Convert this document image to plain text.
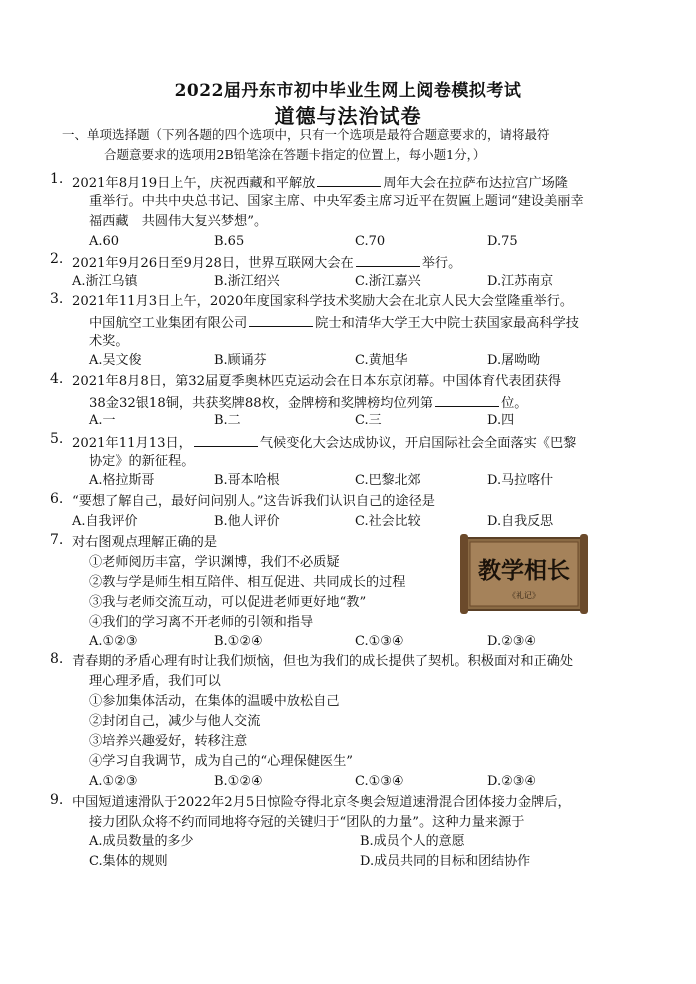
2022届丹东市初中毕业生网上阅卷模拟考试
道德与法治试卷
一、单项选择题（下列各题的四个选项中，只有一个选项是最符合题意要求的，请将最符
合题意要求的选项用2B铅笔涂在答题卡指定的位置上，每小题1分，）
1. 2021年8月19日上午，庆祝西藏和平解放	周年大会在拉萨布达拉宫广场隆
重举行。中共中央总书记、国家主席、中央军委主席习近平在贺匾上题词“建设美丽幸
福西藏　共圆伟大复兴梦想”。
A.60	B.65	C.70	D.75
2. 2021年9月26日至9月28日，世界互联网大会在	举行。
A.浙江乌镇	B.浙江绍兴	C.浙江嘉兴	D.江苏南京
3. 2021年11月3日上午，2020年度国家科学技术奖励大会在北京人民大会堂隆重举行。
中国航空工业集团有限公司	院士和清华大学王大中院士获国家最高科学技
术奖。
A.吴文俊	B.顾诵芬	C.黄旭华	D.屠呦呦
4. 2021年8月8日，第32届夏季奥林匹克运动会在日本东京闭幕。中国体育代表团获得
38金32银18铜，共获奖牌88枚，金牌榜和奖牌榜均位列第	位。
A.一	B.二	C.三	D.四
5. 2021年11月13日，	气候变化大会达成协议，开启国际社会全面落实《巴黎
协定》的新征程。
A.格拉斯哥	B.哥本哈根	C.巴黎北郊	D.马拉喀什
6. “要想了解自己，最好问问别人。”这告诉我们认识自己的途径是
A.自我评价	B.他人评价	C.社会比较	D.自我反思
7. 对右图观点理解正确的是
①老师阅历丰富，学识渊博，我们不必质疑
②教与学是师生相互陪伴、相互促进、共同成长的过程
③我与老师交流互动，可以促进老师更好地“教”
④我们的学习离不开老师的引领和指导
A.①②③	B.①②④	C.①③④	D.②③④
教学相长
《礼记》
8. 青春期的矛盾心理有时让我们烦恼，但也为我们的成长提供了契机。积极面对和正确处
理心理矛盾，我们可以
①参加集体活动，在集体的温暖中放松自己
②封闭自己，减少与他人交流
③培养兴趣爱好，转移注意
④学习自我调节，成为自己的“心理保健医生”
A.①②③	B.①②④	C.①③④	D.②③④
9. 中国短道速滑队于2022年2月5日惊险夺得北京冬奥会短道速滑混合团体接力金牌后，
接力团队众将不约而同地将夺冠的关键归于“团队的力量”。这种力量来源于
A.成员数量的多少	B.成员个人的意愿
C.集体的规则	D.成员共同的目标和团结协作
